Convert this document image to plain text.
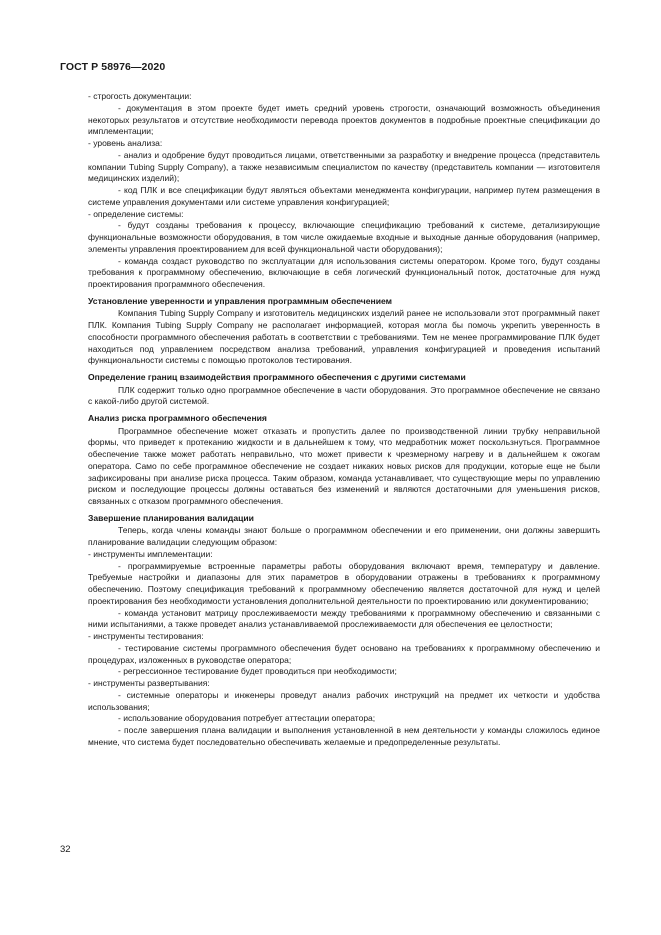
ГОСТ Р 58976—2020

- строгость документации:

- документация в этом проекте будет иметь средний уровень строгости, означающий возможность объединения некоторых результатов и отсутствие необходимости перевода проектов документов в подробные проектные спецификации до имплементации;

- уровень анализа:

- анализ и одобрение будут проводиться лицами, ответственными за разработку и внедрение процесса (представитель компании Tubing Supply Company), а также независимым специалистом по качеству (представитель компании — изготовителя медицинских изделий);

- код ПЛК и все спецификации будут являться объектами менеджмента конфигурации, например путем размещения в системе управления документами или системе управления конфигурацией;

- определение системы:

- будут созданы требования к процессу, включающие спецификацию требований к системе, детализирующие функциональные возможности оборудования, в том числе ожидаемые входные и выходные данные оборудования (например, элементы управления проектированием для всей функциональной части оборудования);

- команда создаст руководство по эксплуатации для использования системы оператором. Кроме того, будут созданы требования к программному обеспечению, включающие в себя логический функциональный поток, достаточные для нужд проектирования программного обеспечения.

Установление уверенности и управления программным обеспечением

Компания Tubing Supply Company и изготовитель медицинских изделий ранее не использовали этот программный пакет ПЛК. Компания Tubing Supply Company не располагает информацией, которая могла бы помочь укрепить уверенность в способности программного обеспечения работать в соответствии с требованиями. Тем не менее программирование ПЛК будет находиться под управлением посредством анализа требований, управления конфигурацией и проведения испытаний функциональности системы с помощью протоколов тестирования.

Определение границ взаимодействия программного обеспечения с другими системами

ПЛК содержит только одно программное обеспечение в части оборудования. Это программное обеспечение не связано с какой-либо другой системой.

Анализ риска программного обеспечения

Программное обеспечение может отказать и пропустить далее по производственной линии трубку неправильной формы, что приведет к протеканию жидкости и в дальнейшем к тому, что медработник может поскользнуться. Программное обеспечение также может работать неправильно, что может привести к чрезмерному нагреву и в дальнейшем к ожогам оператора. Само по себе программное обеспечение не создает никаких новых рисков для продукции, которые еще не были зафиксированы при анализе риска процесса. Таким образом, команда устанавливает, что существующие меры по управлению риском и последующие процессы должны оставаться без изменений и являются достаточными для уменьшения рисков, связанных с отказом программного обеспечения.

Завершение планирования валидации

Теперь, когда члены команды знают больше о программном обеспечении и его применении, они должны завершить планирование валидации следующим образом:

- инструменты имплементации:

- программируемые встроенные параметры работы оборудования включают время, температуру и давление. Требуемые настройки и диапазоны для этих параметров в оборудовании отражены в требованиях к программному обеспечению. Поэтому спецификация требований к программному обеспечению является достаточной для нужд и целей проектирования без необходимости установления дополнительной деятельности по проектированию или документированию;

- команда установит матрицу прослеживаемости между требованиями к программному обеспечению и связанными с ними испытаниями, а также проведет анализ устанавливаемой прослеживаемости для обеспечения ее целостности;

- инструменты тестирования:

- тестирование системы программного обеспечения будет основано на требованиях к программному обеспечению и процедурах, изложенных в руководстве оператора;

- регрессионное тестирование будет проводиться при необходимости;

- инструменты развертывания:

- системные операторы и инженеры проведут анализ рабочих инструкций на предмет их четкости и удобства использования;

- использование оборудования потребует аттестации оператора;

- после завершения плана валидации и выполнения установленной в нем деятельности у команды сложилось единое мнение, что система будет последовательно обеспечивать желаемые и предопределенные результаты.

32
